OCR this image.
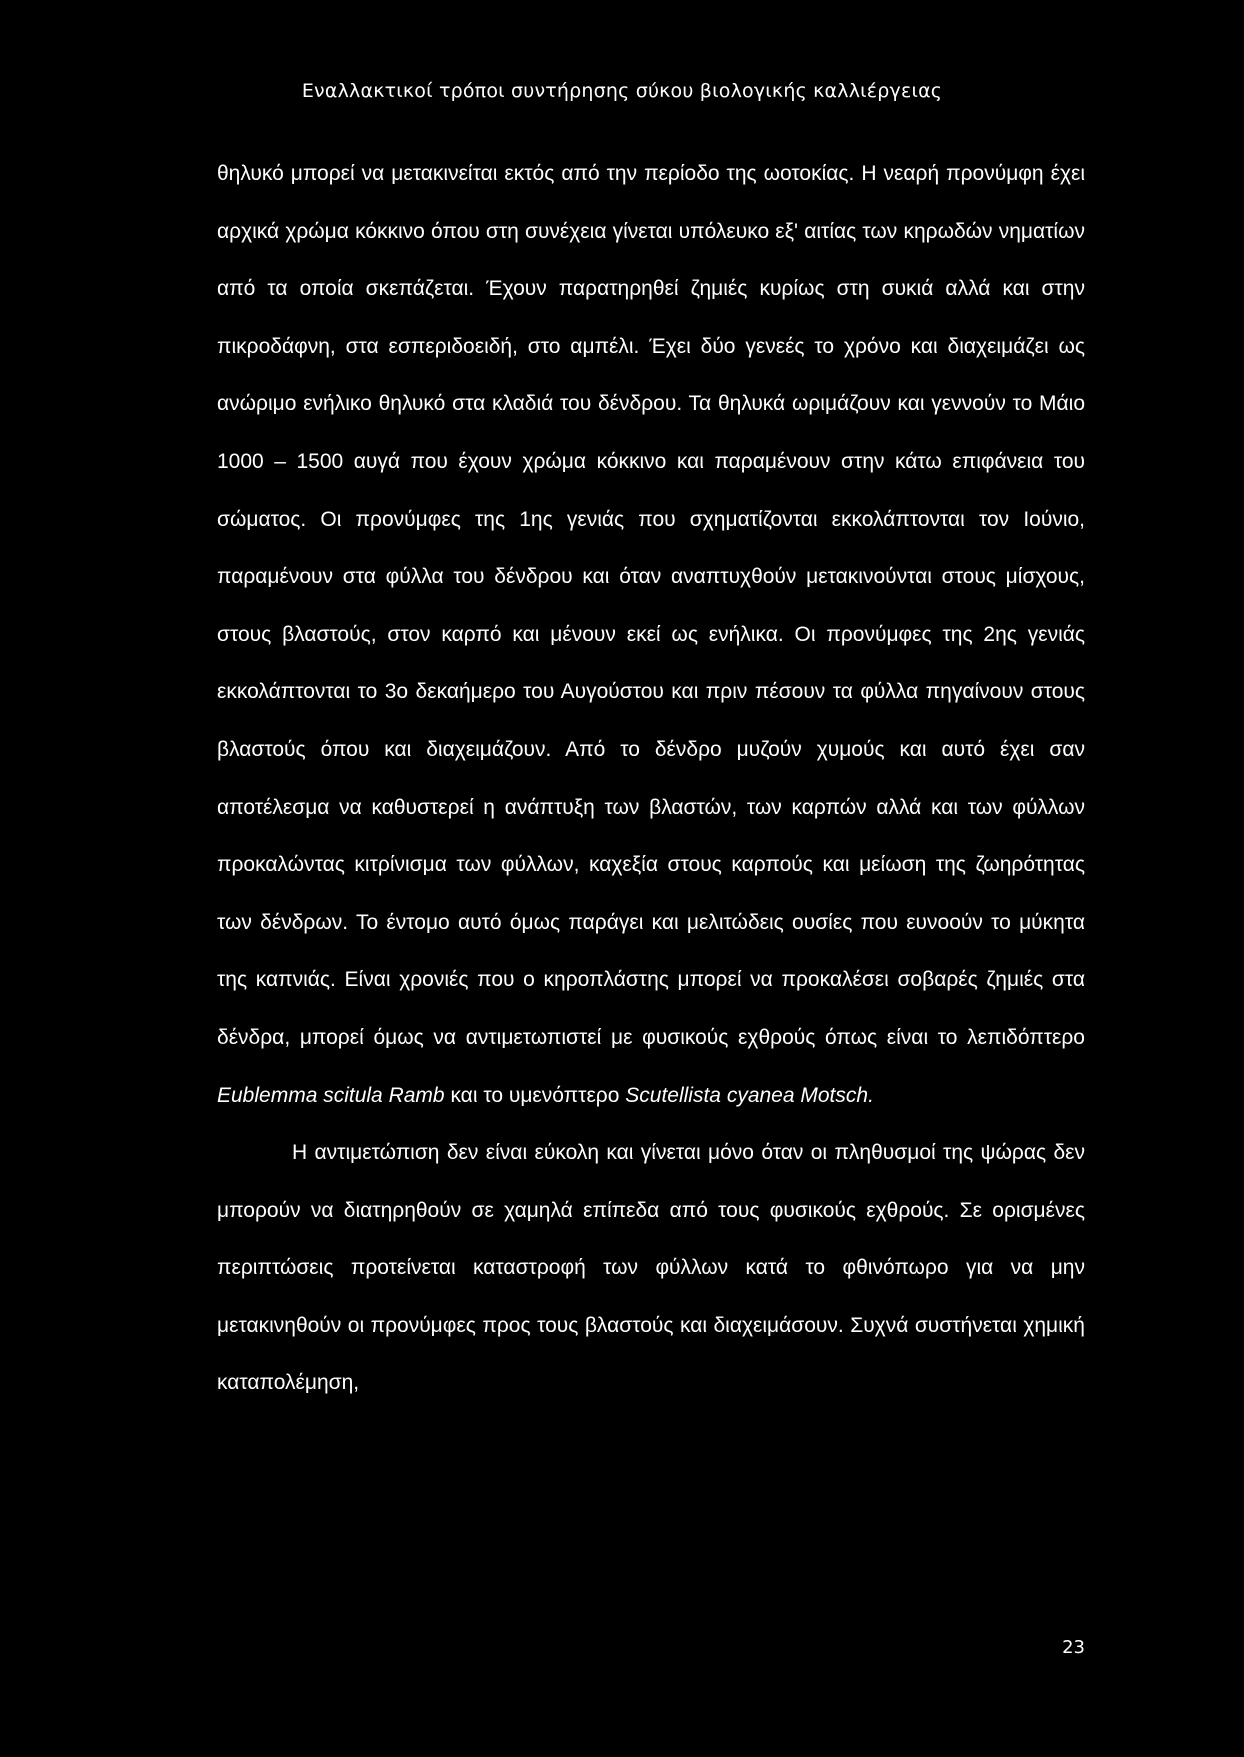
Εναλλακτικοί τρόποι συντήρησης σύκου βιολογικής καλλιέργειας

θηλυκό μπορεί να μετακινείται εκτός από την περίοδο της ωοτοκίας. Η νεαρή προνύμφη έχει αρχικά χρώμα κόκκινο όπου στη συνέχεια γίνεται υπόλευκο εξ' αιτίας των κηρωδών νηματίων από τα οποία σκεπάζεται. Έχουν παρατηρηθεί ζημιές κυρίως στη συκιά αλλά και στην πικροδάφνη, στα εσπεριδοειδή, στο αμπέλι. Έχει δύο γενεές το χρόνο και διαχειμάζει ως ανώριμο ενήλικο θηλυκό στα κλαδιά του δένδρου. Τα θηλυκά ωριμάζουν και γεννούν το Μάιο 1000 – 1500 αυγά που έχουν χρώμα κόκκινο και παραμένουν στην κάτω επιφάνεια του σώματος. Οι προνύμφες της 1ης γενιάς που σχηματίζονται εκκολάπτονται τον Ιούνιο, παραμένουν στα φύλλα του δένδρου και όταν αναπτυχθούν μετακινούνται στους μίσχους, στους βλαστούς, στον καρπό και μένουν εκεί ως ενήλικα. Οι προνύμφες της 2ης γενιάς εκκολάπτονται το 3ο δεκαήμερο του Αυγούστου και πριν πέσουν τα φύλλα πηγαίνουν στους βλαστούς όπου και διαχειμάζουν. Από το δένδρο μυζούν χυμούς και αυτό έχει σαν αποτέλεσμα να καθυστερεί η ανάπτυξη των βλαστών, των καρπών αλλά και των φύλλων προκαλώντας κιτρίνισμα των φύλλων, καχεξία στους καρπούς και μείωση της ζωηρότητας των δένδρων. Το έντομο αυτό όμως παράγει και μελιτώδεις ουσίες που ευνοούν το μύκητα της καπνιάς. Είναι χρονιές που ο κηροπλάστης μπορεί να προκαλέσει σοβαρές ζημιές στα δένδρα, μπορεί όμως να αντιμετωπιστεί με φυσικούς εχθρούς όπως είναι το λεπιδόπτερο Eublemma scitula Ramb και το υμενόπτερο Scutellista cyanea Motsch.

Η αντιμετώπιση δεν είναι εύκολη και γίνεται μόνο όταν οι πληθυσμοί της ψώρας δεν μπορούν να διατηρηθούν σε χαμηλά επίπεδα από τους φυσικούς εχθρούς. Σε ορισμένες περιπτώσεις προτείνεται καταστροφή των φύλλων κατά το φθινόπωρο για να μην μετακινηθούν οι προνύμφες προς τους βλαστούς και διαχειμάσουν. Συχνά συστήνεται χημική καταπολέμηση,

23
